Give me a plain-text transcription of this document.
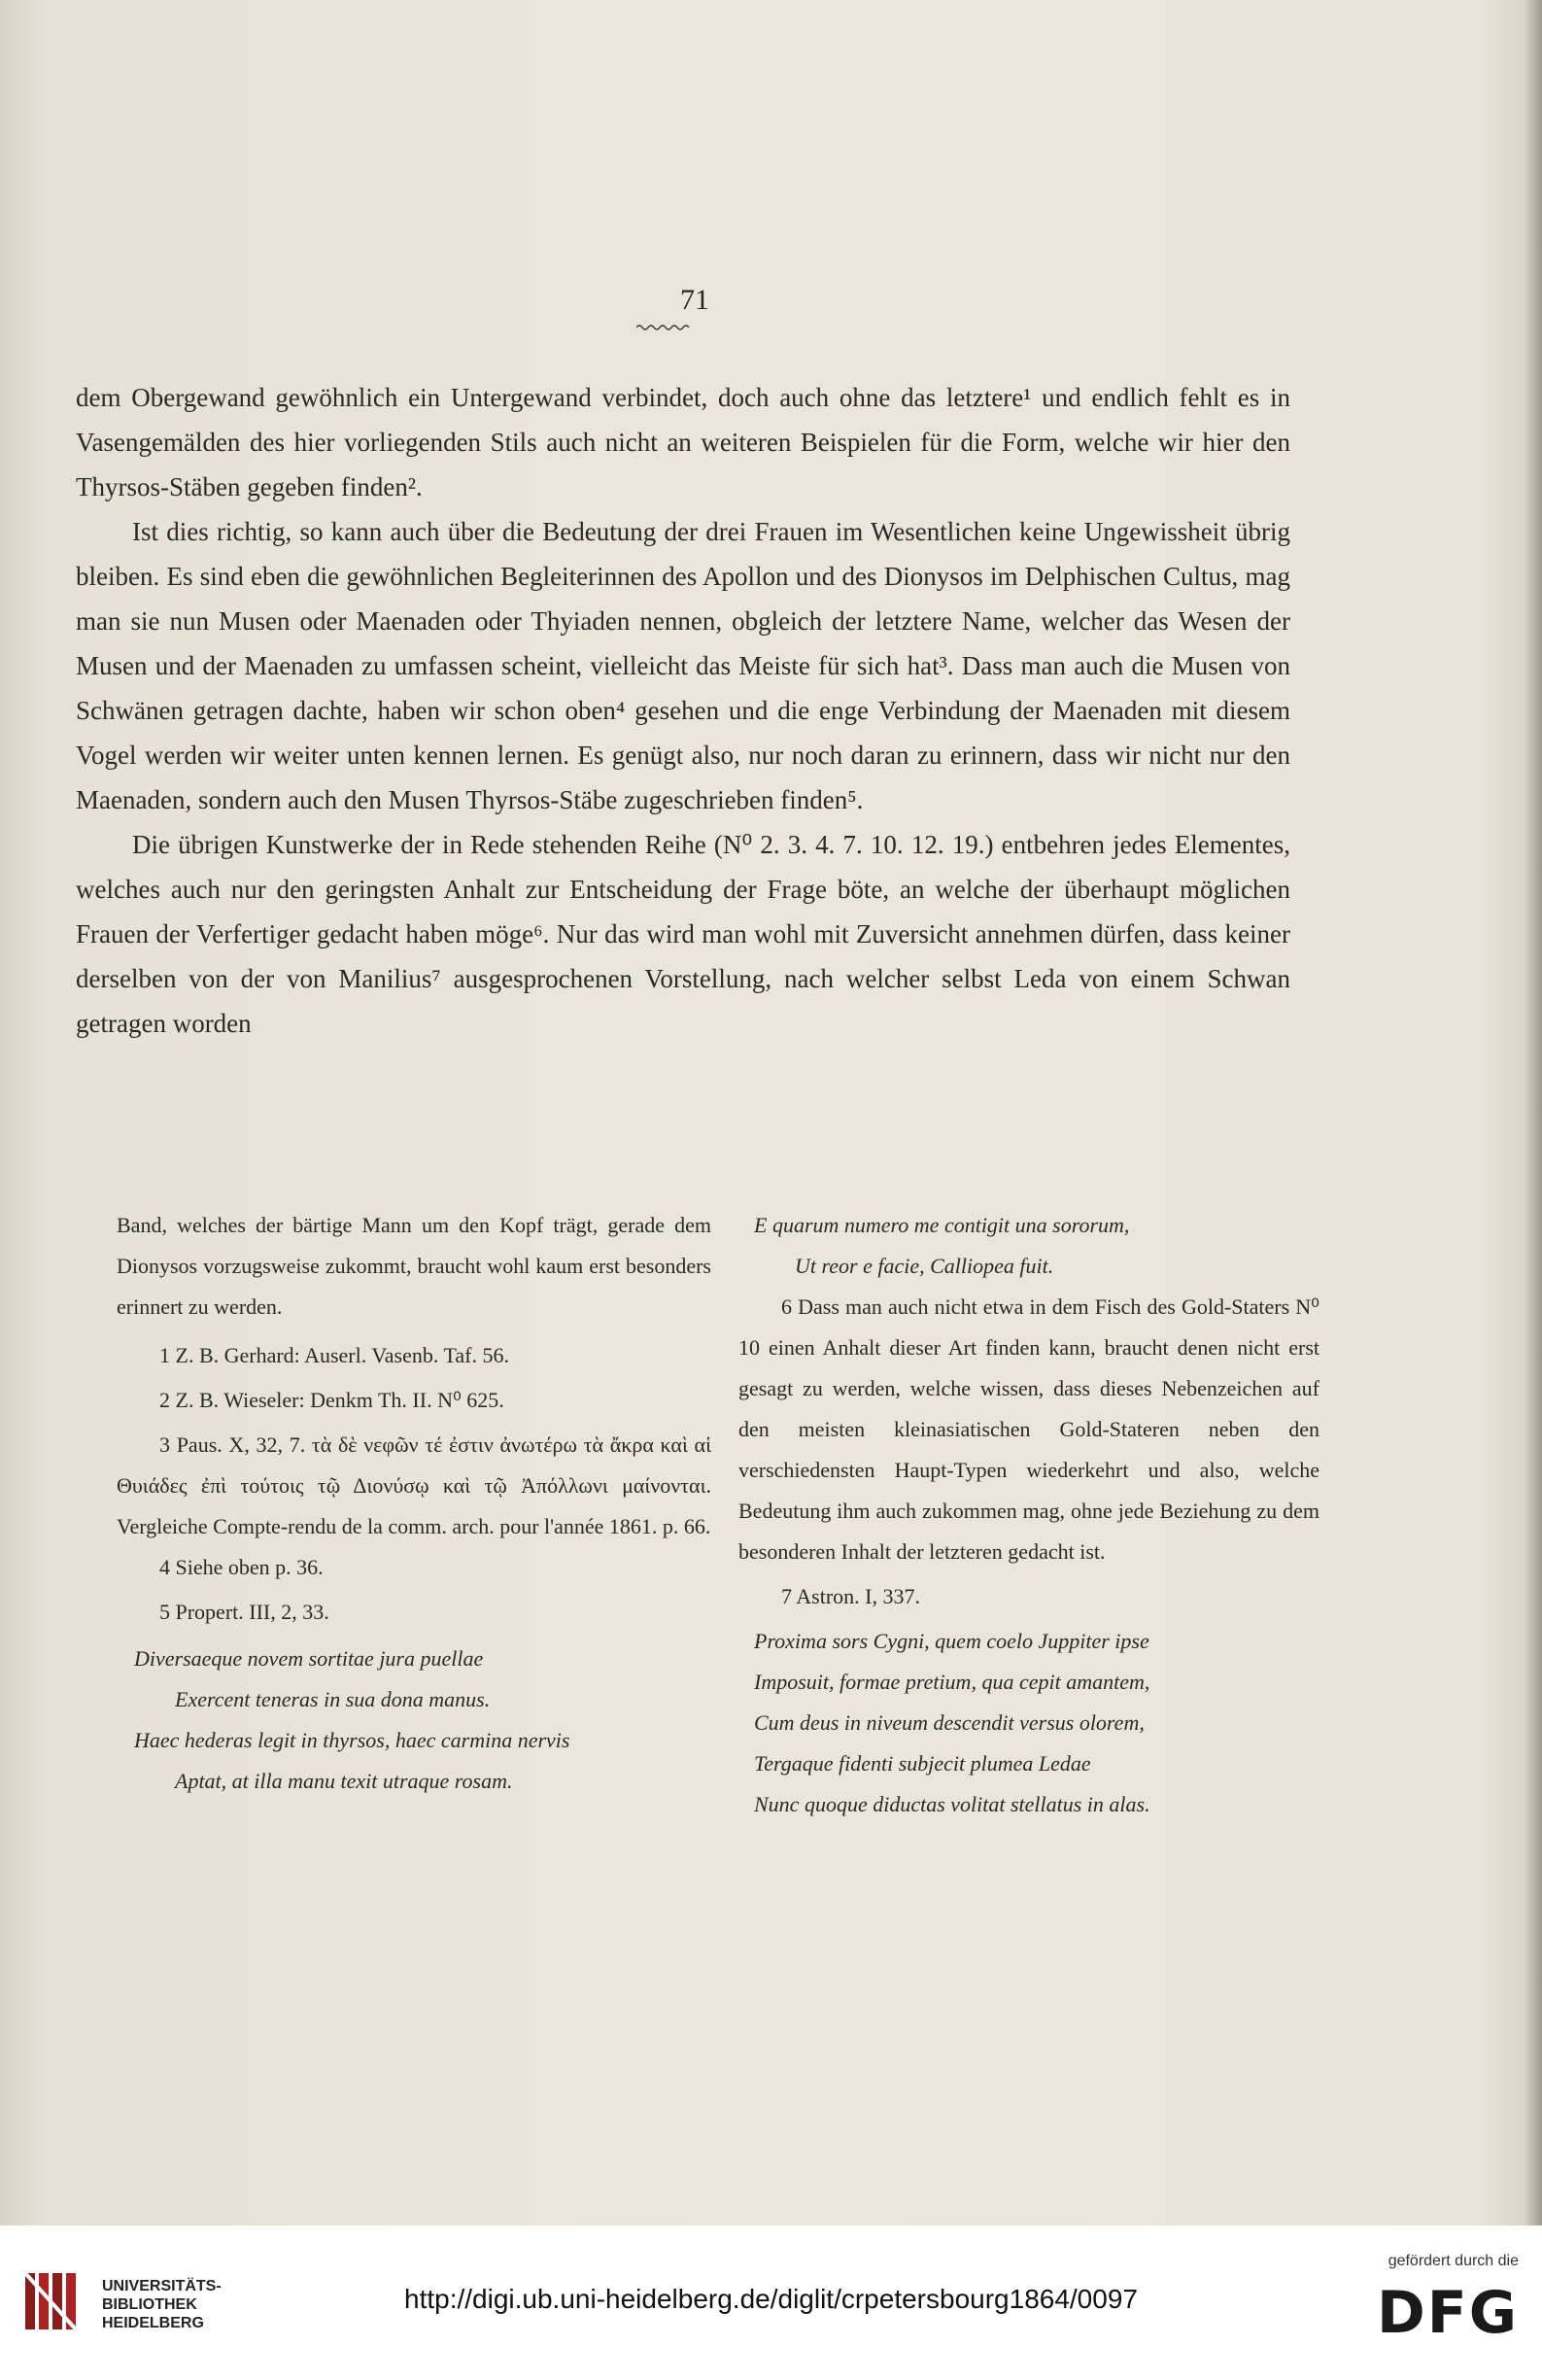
71

dem Obergewand gewöhnlich ein Untergewand verbindet, doch auch ohne das letztere¹ und endlich fehlt es in Vasengemälden des hier vorliegenden Stils auch nicht an weiteren Beispielen für die Form, welche wir hier den Thyrsos-Stäben gegeben finden².

Ist dies richtig, so kann auch über die Bedeutung der drei Frauen im Wesentlichen keine Ungewissheit übrig bleiben. Es sind eben die gewöhnlichen Begleiterinnen des Apollon und des Dionysos im Delphischen Cultus, mag man sie nun Musen oder Maenaden oder Thyiaden nennen, obgleich der letztere Name, welcher das Wesen der Musen und der Maenaden zu umfassen scheint, vielleicht das Meiste für sich hat³. Dass man auch die Musen von Schwänen getragen dachte, haben wir schon oben⁴ gesehen und die enge Verbindung der Maenaden mit diesem Vogel werden wir weiter unten kennen lernen. Es genügt also, nur noch daran zu erinnern, dass wir nicht nur den Maenaden, sondern auch den Musen Thyrsos-Stäbe zugeschrieben finden⁵.

Die übrigen Kunstwerke der in Rede stehenden Reihe (N⁰ 2. 3. 4. 7. 10. 12. 19.) entbehren jedes Elementes, welches auch nur den geringsten Anhalt zur Entscheidung der Frage böte, an welche der überhaupt möglichen Frauen der Verfertiger gedacht haben möge⁶. Nur das wird man wohl mit Zuversicht annehmen dürfen, dass keiner derselben von der von Manilius⁷ ausgesprochenen Vorstellung, nach welcher selbst Leda von einem Schwan getragen worden

Band, welches der bärtige Mann um den Kopf trägt, gerade dem Dionysos vorzugsweise zukommt, braucht wohl kaum erst besonders erinnert zu werden.

1 Z. B. Gerhard: Auserl. Vasenb. Taf. 56.

2 Z. B. Wieseler: Denkm Th. II. N⁰ 625.

3 Paus. X, 32, 7. τὰ δὲ νεφῶν τέ ἐστιν ἀνωτέρω τὰ ἄκρα καὶ αἱ Θυιάδες ἐπὶ τούτοις τῷ Διονύσῳ καὶ τῷ Ἀπόλλωνι μαίνονται. Vergleiche Compte-rendu de la comm. arch. pour l'année 1861. p. 66.

4 Siehe oben p. 36.

5 Propert. III, 2, 33.

Diversaeque novem sortitae jura puellae
Exercent teneras in sua dona manus.
Haec hederas legit in thyrsos, haec carmina nervis
Aptat, at illa manu texit utraque rosam.
E quarum numero me contigit una sororum,
Ut reor e facie, Calliopea fuit.

6 Dass man auch nicht etwa in dem Fisch des Gold-Staters N⁰ 10 einen Anhalt dieser Art finden kann, braucht denen nicht erst gesagt zu werden, welche wissen, dass dieses Nebenzeichen auf den meisten kleinasiatischen Gold-Stateren neben den verschiedensten Haupt-Typen wiederkehrt und also, welche Bedeutung ihm auch zukommen mag, ohne jede Beziehung zu dem besonderen Inhalt der letzteren gedacht ist.

7 Astron. I, 337.

Proxima sors Cygni, quem coelo Juppiter ipse
Imposuit, formae pretium, qua cepit amantem,
Cum deus in niveum descendit versus olorem,
Tergaque fidenti subjecit plumea Ledae
Nunc quoque diductas volitat stellatus in alas.
UNIVERSITÄTS-
BIBLIOTHEK
HEIDELBERG
http://digi.ub.uni-heidelberg.de/diglit/crpetersbourg1864/0097
gefördert durch die
DFG
